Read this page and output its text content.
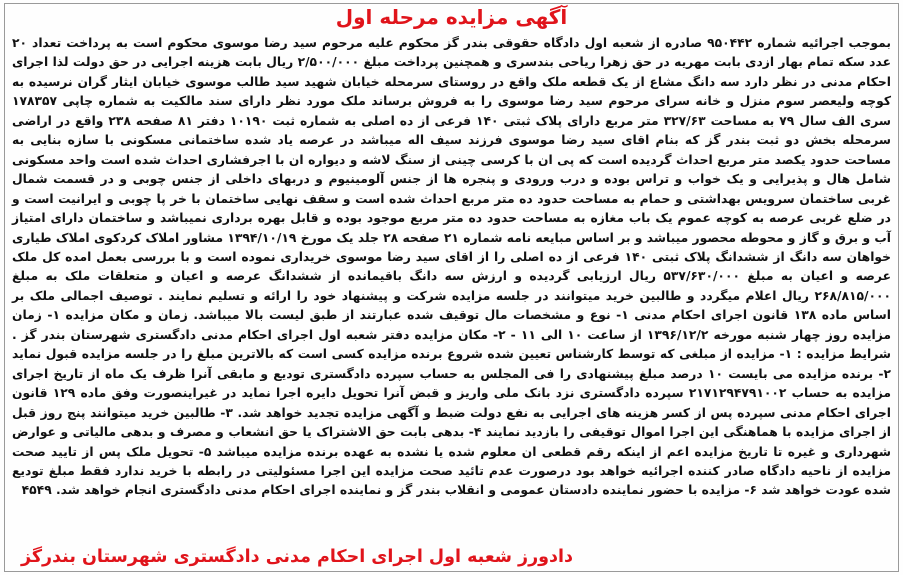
آگهی مزایده مرحله اول
بموجب اجرائیه شماره ۹۵۰۴۴۲ صادره از شعبه اول دادگاه حقوقی بندر گز محکوم علیه مرحوم سید رضا موسوی محکوم است به پرداخت تعداد ۲۰ عدد سکه تمام بهار ازدی بابت مهریه در حق زهرا ریاحی بندسری و همچنین پرداخت مبلغ ۲/۵۰۰/۰۰۰ ریال بابت هزینه اجرایی در حق دولت لذا اجرای احکام مدنی در نظر دارد سه دانگ مشاع از یک قطعه ملک واقع در روستای سرمحله خیابان شهید سید طالب موسوی خیابان ایثار گران نرسیده به کوچه ولیعصر سوم منزل و خانه سرای مرحوم سید رضا موسوی را به فروش برساند ملک مورد نظر دارای سند مالکیت به شماره چاپی ۱۷۸۳۵۷ سری الف سال ۷۹ به مساحت ۳۲۷/۶۳ متر مربع دارای پلاک ثبتی ۱۴۰ فرعی از ده اصلی به شماره ثبت ۱۰۱۹۰ دفتر ۸۱ صفحه ۲۳۸ واقع در اراضی سرمحله بخش دو ثبت بندر گز که بنام اقای سید رضا موسوی فرزند سیف اله میباشد در عرصه یاد شده ساختمانی مسکونی با سازه بنایی به مساحت حدود یکصد متر مربع احداث گردیده است که پی ان با کرسی چینی از سنگ لاشه و دیواره ان با اجرفشاری احداث شده است واحد مسکونی شامل هال و پذیرایی و یک خواب و تراس بوده و درب ورودی و پنجره ها از جنس آلومینیوم و دربهای داخلی از جنس چوبی و در قسمت شمال غربی ساختمان سرویس بهداشتی و حمام به مساحت حدود ده متر مربع احداث شده است و سقف نهایی ساختمان با خر پا چوبی و ایرانیت است و در ضلع غربی عرصه به کوچه عموم یک باب مغازه به مساحت حدود ده متر مربع موجود بوده و قابل بهره برداری نمیباشد و ساختمان دارای امتیاز آب و برق و گاز و محوطه محصور میباشد و بر اساس مبایعه نامه شماره ۲۱ صفحه ۲۸ جلد یک مورخ ۱۳۹۴/۱۰/۱۹ مشاور املاک کردکوی املاک طیاری خواهان سه دانگ از ششدانگ پلاک ثبتی ۱۴۰ فرعی از ده اصلی را از اقای سید رضا موسوی خریداری نموده است و با بررسی بعمل امده کل ملک عرصه و اعیان به مبلغ ۵۳۷/۶۳۰/۰۰۰ ریال ارزیابی گردیده و ارزش سه دانگ باقیمانده از ششدانگ عرصه و اعیان و متعلقات ملک به مبلغ ۲۶۸/۸۱۵/۰۰۰ ریال اعلام میگردد و طالبین خرید میتوانند در جلسه مزایده شرکت و پیشنهاد خود را ارائه و تسلیم نمایند . توصیف اجمالی ملک بر اساس ماده ۱۳۸ قانون اجرای احکام مدنی ۱- نوع و مشخصات مال توقیف شده عبارتند از طبق لیست بالا میباشد. زمان و مکان مزایده ۱- زمان مزایده روز چهار شنبه مورخه ۱۳۹۶/۱۲/۲ از ساعت ۱۰ الی ۱۱ - ۲- مکان مزایده دفتر شعبه اول اجرای احکام مدنی دادگستری شهرستان بندر گز . شرایط مزایده : ۱- مزایده از مبلغی که توسط کارشناس تعیین شده شروع برنده مزایده کسی است که بالاترین مبلغ را در جلسه مزایده قبول نماید ۲- برنده مزایده می بایست ۱۰ درصد مبلغ پیشنهادی را فی المجلس به حساب سپرده دادگستری تودیع و مابقی آنرا ظرف یک ماه از تاریخ اجرای مزایده به حساب ۲۱۷۱۲۹۴۷۹۱۰۰۲ سپرده دادگستری نزد بانک ملی واریز و قبض آنرا تحویل دایره اجرا نماید در غیراینصورت وفق ماده ۱۲۹ قانون اجرای احکام مدنی سپرده پس از کسر هزینه های اجرایی به نفع دولت ضبط و آگهی مزایده تجدید خواهد شد. ۳- طالبین خرید میتوانند پنج روز قبل از اجرای مزایده با هماهنگی این اجرا اموال توقیفی را بازدید نمایند ۴- بدهی بابت حق الاشتراک یا حق انشعاب و مصرف و بدهی مالیاتی و عوارض شهرداری و غیره تا تاریخ مزایده اعم از اینکه رقم قطعی ان معلوم شده یا نشده به عهده برنده مزایده میباشد ۵- تحویل ملک پس از تایید صحت مزایده از ناحیه دادگاه صادر کننده اجرائیه خواهد بود درصورت عدم تائید صحت مزایده این اجرا مسئولیتی در رابطه با خرید ندارد فقط مبلغ تودیع شده عودت خواهد شد ۶- مزایده با حضور نماینده دادستان عمومی و انقلاب بندر گز و نماینده اجرای احکام مدنی دادگستری انجام خواهد شد. ۴۵۴۹
دادورز شعبه اول اجرای احکام مدنی دادگستری شهرستان بندرگز
